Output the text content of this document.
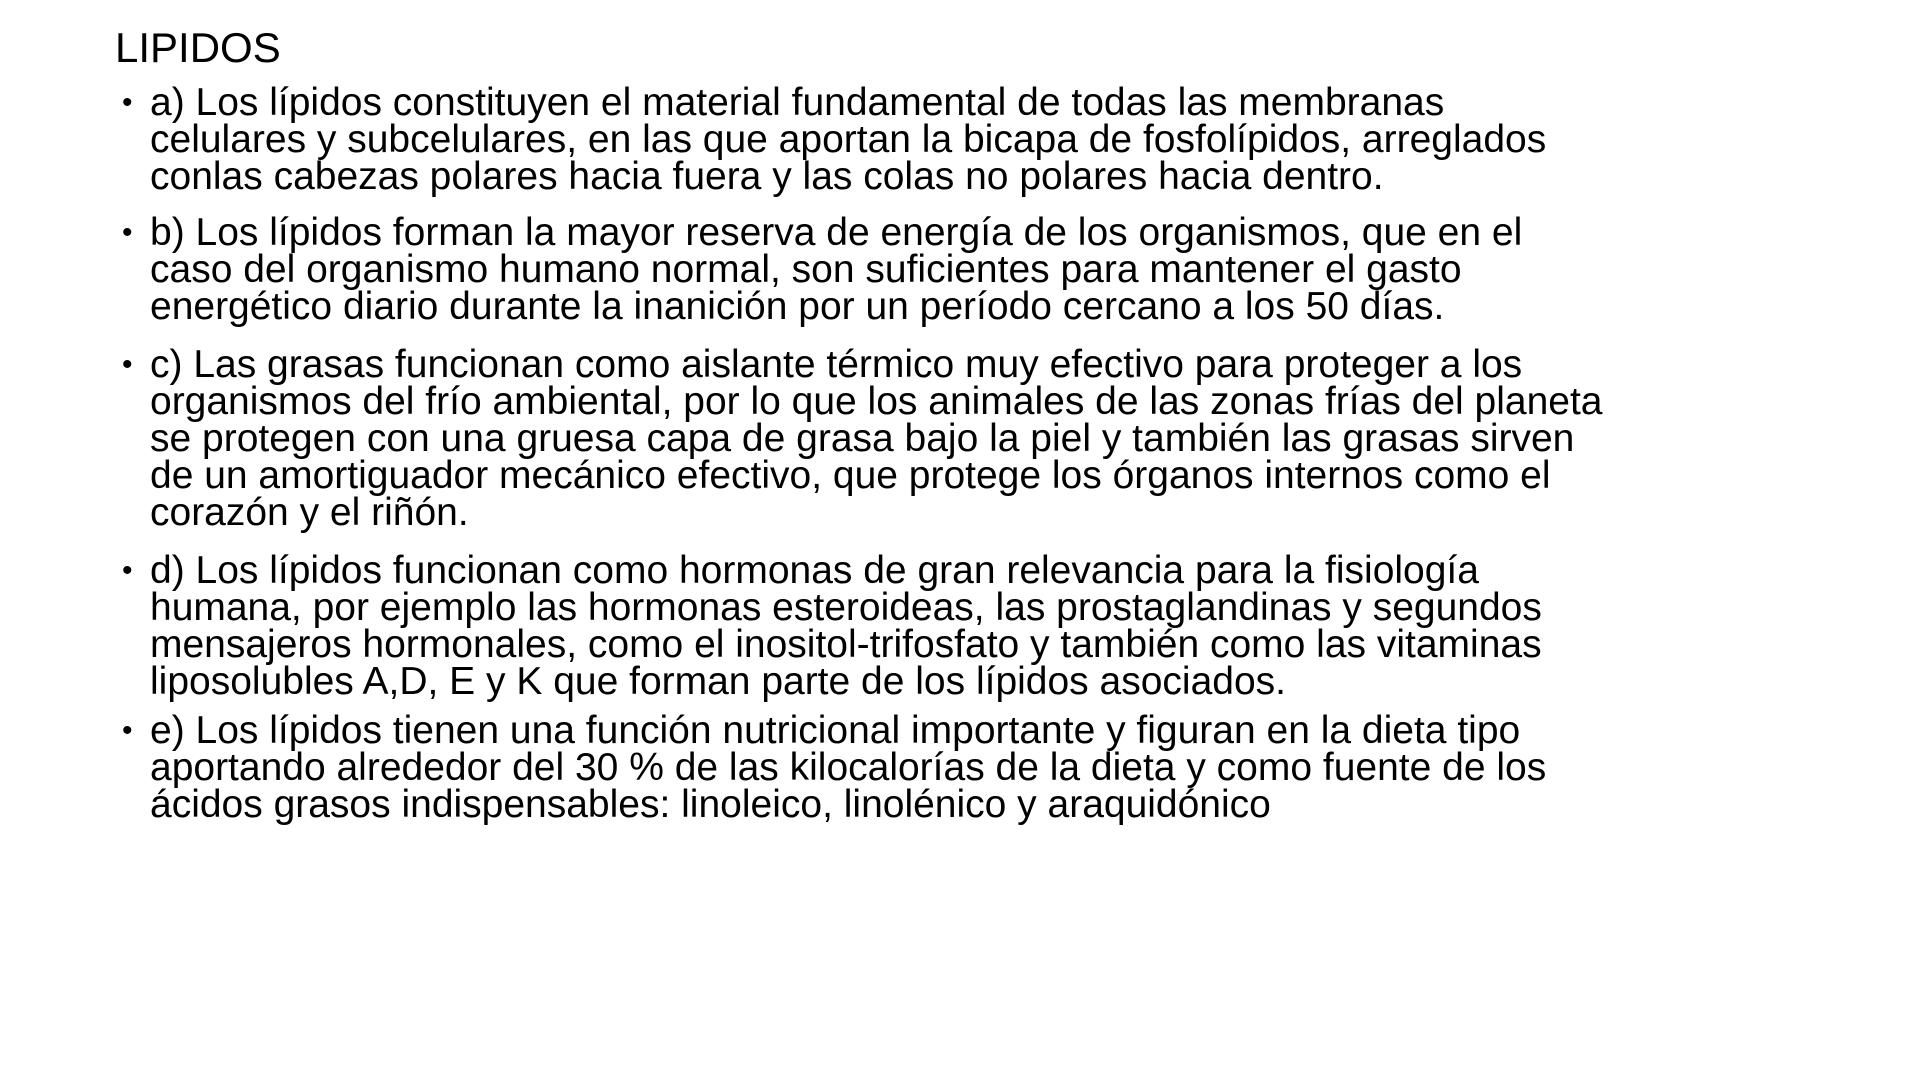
LIPIDOS
• a) Los lípidos constituyen el material fundamental de todas las membranas
celulares y subcelulares, en las que aportan la bicapa de fosfolípidos, arreglados
conlas cabezas polares hacia fuera y las colas no polares hacia dentro.
• b) Los lípidos forman la mayor reserva de energía de los organismos, que en el
caso del organismo humano normal, son suficientes para mantener el gasto
energético diario durante la inanición por un período cercano a los 50 días.
• c) Las grasas funcionan como aislante térmico muy efectivo para proteger a los
organismos del frío ambiental, por lo que los animales de las zonas frías del planeta
se protegen con una gruesa capa de grasa bajo la piel y también las grasas sirven
de un amortiguador mecánico efectivo, que protege los órganos internos como el
corazón y el riñón.
• d) Los lípidos funcionan como hormonas de gran relevancia para la fisiología
humana, por ejemplo las hormonas esteroideas, las prostaglandinas y segundos
mensajeros hormonales, como el inositol-trifosfato y también como las vitaminas
liposolubles A,D, E y K que forman parte de los lípidos asociados.
• e) Los lípidos tienen una función nutricional importante y figuran en la dieta tipo
aportando alrededor del 30 % de las kilocalorías de la dieta y como fuente de los
ácidos grasos indispensables: linoleico, linolénico y araquidónico
